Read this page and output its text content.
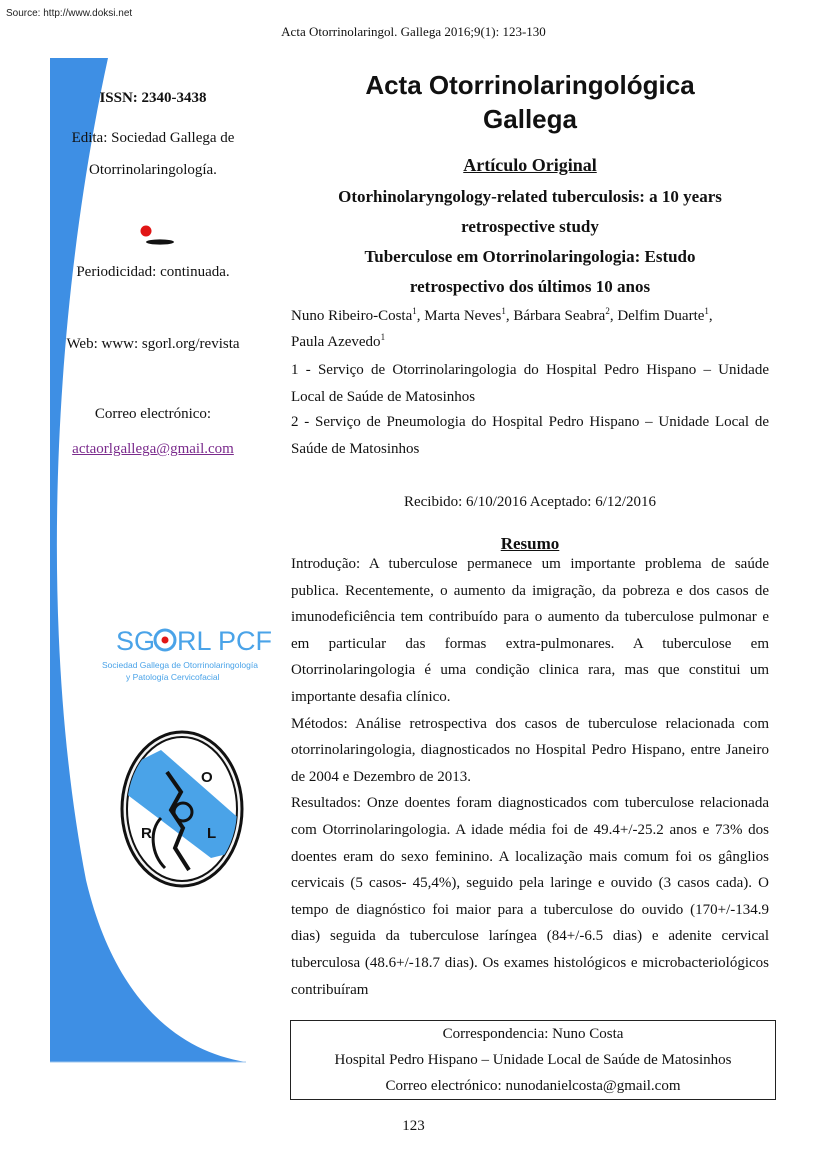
Source: http://www.doksi.net
Acta Otorrinolaringol. Gallega 2016;9(1): 123-130
ISSN: 2340-3438
Edita: Sociedad Gallega de
Otorrinolaringología.
Periodicidad: continuada.
Web: www: sgorl.org/revista
Correo electrónico:
actaorlgallega@gmail.com
SG RL PCF
Sociedad Gallega de Otorrinolaringología
y Patología Cervicofacial
O
R	L
Acta Otorrinolaringológica
Gallega
Artículo Original
Otorhinolaryngology-related tuberculosis: a 10 years
retrospective study
Tuberculose em Otorrinolaringologia: Estudo
retrospectivo dos últimos 10 anos
Nuno Ribeiro-Costa$^1$, Marta Neves$^1$, Bárbara Seabra$^2$, Delfim Duarte$^1$,
Paula Azevedo$^1$
1 - Serviço de Otorrinolaringologia do Hospital Pedro Hispano – Unidade Local de Saúde de Matosinhos
2 - Serviço de Pneumologia do Hospital Pedro Hispano – Unidade Local de Saúde de Matosinhos
Recibido: 6/10/2016 Aceptado: 6/12/2016
Resumo

Introdução: A tuberculose permanece um importante problema de saúde publica. Recentemente, o aumento da imigração, da pobreza e dos casos de imunodeficiência tem contribuído para o aumento da tuberculose pulmonar e em particular das formas extra-pulmonares. A tuberculose em Otorrinolaringologia é uma condição clinica rara, mas que constitui um importante desafia clínico.

Métodos: Análise retrospectiva dos casos de tuberculose relacionada com otorrinolaringologia, diagnosticados no Hospital Pedro Hispano, entre Janeiro de 2004 e Dezembro de 2013.

Resultados: Onze doentes foram diagnosticados com tuberculose relacionada com Otorrinolaringologia. A idade média foi de 49.4+/-25.2 anos e 73% dos doentes eram do sexo feminino. A localização mais comum foi os gânglios cervicais (5 casos- 45,4%), seguido pela laringe e ouvido (3 casos cada). O tempo de diagnóstico foi maior para a tuberculose do ouvido (170+/-134.9 dias) seguida da tuberculose laríngea (84+/-6.5 dias) e adenite cervical tuberculosa (48.6+/-18.7 dias). Os exames histológicos e microbacteriológicos contribuíram

Correspondencia: Nuno Costa
Hospital Pedro Hispano – Unidade Local de Saúde de Matosinhos
Correo electrónico: nunodanielcosta@gmail.com
123
